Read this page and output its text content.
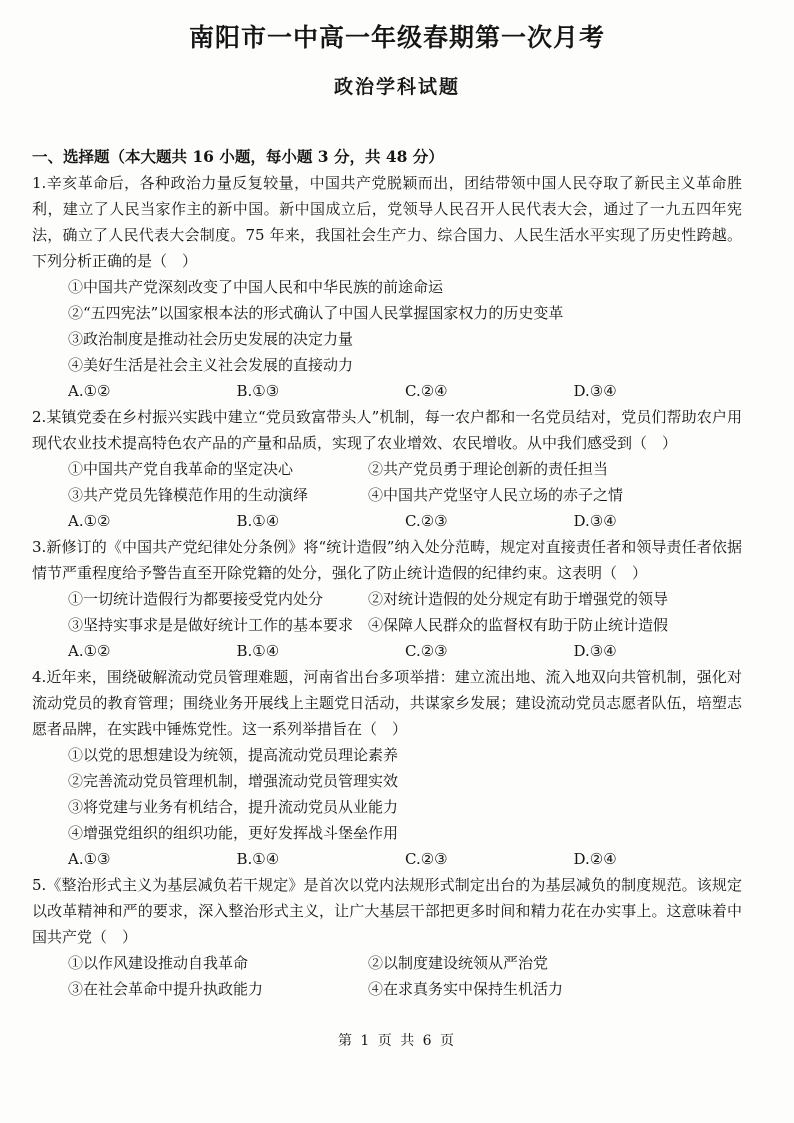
南阳市一中高一年级春期第一次月考
政治学科试题
一、选择题（本大题共 16 小题，每小题 3 分，共 48 分）

1.辛亥革命后，各种政治力量反复较量，中国共产党脱颖而出，团结带领中国人民夺取了新民主义革命胜利，建立了人民当家作主的新中国。新中国成立后，党领导人民召开人民代表大会，通过了一九五四年宪法，确立了人民代表大会制度。75 年来，我国社会生产力、综合国力、人民生活水平实现了历史性跨越。下列分析正确的是（　）

①中国共产党深刻改变了中国人民和中华民族的前途命运

②“五四宪法”以国家根本法的形式确认了中国人民掌握国家权力的历史变革

③政治制度是推动社会历史发展的决定力量

④美好生活是社会主义社会发展的直接动力

A.①②	B.①③	C.②④	D.③④

2.某镇党委在乡村振兴实践中建立“党员致富带头人”机制，每一农户都和一名党员结对，党员们帮助农户用现代农业技术提高特色农产品的产量和品质，实现了农业增效、农民增收。从中我们感受到（　）

①中国共产党自我革命的坚定决心	②共产党员勇于理论创新的责任担当
③共产党员先锋模范作用的生动演绎	④中国共产党坚守人民立场的赤子之情
A.①②	B.①④	C.②③	D.③④

3.新修订的《中国共产党纪律处分条例》将“统计造假”纳入处分范畴，规定对直接责任者和领导责任者依据情节严重程度给予警告直至开除党籍的处分，强化了防止统计造假的纪律约束。这表明（　）

①一切统计造假行为都要接受党内处分	②对统计造假的处分规定有助于增强党的领导
③坚持实事求是是做好统计工作的基本要求 ④保障人民群众的监督权有助于防止统计造假
A.①②	B.①④	C.②③	D.③④

4.近年来，围绕破解流动党员管理难题，河南省出台多项举措：建立流出地、流入地双向共管机制，强化对流动党员的教育管理；围绕业务开展线上主题党日活动，共谋家乡发展；建设流动党员志愿者队伍，培塑志愿者品牌，在实践中锤炼党性。这一系列举措旨在（　）

①以党的思想建设为统领，提高流动党员理论素养

②完善流动党员管理机制，增强流动党员管理实效

③将党建与业务有机结合，提升流动党员从业能力

④增强党组织的组织功能，更好发挥战斗堡垒作用

A.①③	B.①④	C.②③	D.②④

5.《整治形式主义为基层减负若干规定》是首次以党内法规形式制定出台的为基层减负的制度规范。该规定以改革精神和严的要求，深入整治形式主义，让广大基层干部把更多时间和精力花在办实事上。这意味着中国共产党（　）

①以作风建设推动自我革命	②以制度建设统领从严治党
③在社会革命中提升执政能力	④在求真务实中保持生机活力
第 1 页 共 6 页
